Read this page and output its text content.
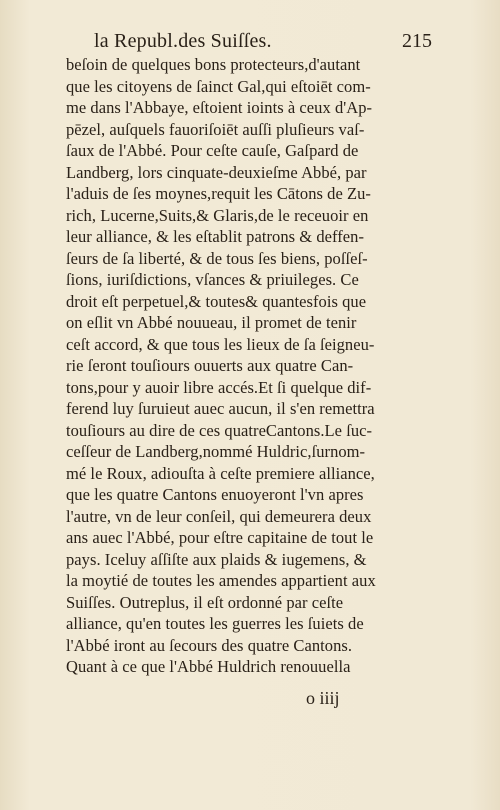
la Republ.des Suiſſes.	215
beſoin de quelques bons protecteurs,d'autant
que les citoyens de ſainct Gal,qui eſtoiēt com-
me dans l'Abbaye, eſtoient ioints à ceux d'Ap-
pēzel, auſquels fauoriſoiēt auſſi pluſieurs vaſ-
ſaux de l'Abbé. Pour ceſte cauſe, Gaſpard de
Landberg, lors cinquate-deuxieſme Abbé, par
l'aduis de ſes moynes,requit les Cātons de Zu-
rich, Lucerne,Suits,& Glaris,de le receuoir en
leur alliance, & les eſtablit patrons & deffen-
ſeurs de ſa liberté, & de tous ſes biens, poſſeſ-
ſions, iuriſdictions, vſances & priuileges. Ce
droit eſt perpetuel,& toutes& quantesfois que
on eſlit vn Abbé nouueau, il promet de tenir
ceſt accord, & que tous les lieux de ſa ſeigneu-
rie ſeront touſiours ouuerts aux quatre Can-
tons,pour y auoir libre accés.Et ſi quelque dif-
ferend luy ſuruieut auec aucun, il s'en remettra
touſiours au dire de ces quatreCantons.Le ſuc-
ceſſeur de Landberg,nommé Huldric,ſurnom-
mé le Roux, adiouſta à ceſte premiere alliance,
que les quatre Cantons enuoyeront l'vn apres
l'autre, vn de leur conſeil, qui demeurera deux
ans auec l'Abbé, pour eſtre capitaine de tout le
pays. Iceluy aſſiſte aux plaids & iugemens, &
la moytié de toutes les amendes appartient aux
Suiſſes. Outreplus, il eſt ordonné par ceſte
alliance, qu'en toutes les guerres les ſuiets de
l'Abbé iront au ſecours des quatre Cantons.
Quant à ce que l'Abbé Huldrich renouuella
o iiij
